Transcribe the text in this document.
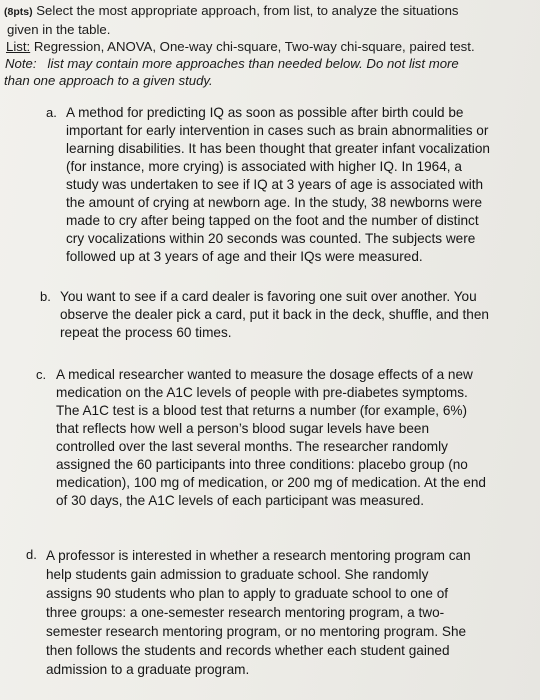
(8pts) Select the most appropriate approach, from list, to analyze the situations
given in the table.
List: Regression, ANOVA, One-way chi-square, Two-way chi-square, paired test.
Note: list may contain more approaches than needed below. Do not list more
than one approach to a given study.
a. A method for predicting IQ as soon as possible after birth could be
important for early intervention in cases such as brain abnormalities or
learning disabilities. It has been thought that greater infant vocalization
(for instance, more crying) is associated with higher IQ. In 1964, a
study was undertaken to see if IQ at 3 years of age is associated with
the amount of crying at newborn age. In the study, 38 newborns were
made to cry after being tapped on the foot and the number of distinct
cry vocalizations within 20 seconds was counted. The subjects were
followed up at 3 years of age and their IQs were measured.
b. You want to see if a card dealer is favoring one suit over another. You
observe the dealer pick a card, put it back in the deck, shuffle, and then
repeat the process 60 times.
c. A medical researcher wanted to measure the dosage effects of a new
medication on the A1C levels of people with pre-diabetes symptoms.
The A1C test is a blood test that returns a number (for example, 6%)
that reflects how well a person’s blood sugar levels have been
controlled over the last several months. The researcher randomly
assigned the 60 participants into three conditions: placebo group (no
medication), 100 mg of medication, or 200 mg of medication. At the end
of 30 days, the A1C levels of each participant was measured.
d. A professor is interested in whether a research mentoring program can
help students gain admission to graduate school. She randomly
assigns 90 students who plan to apply to graduate school to one of
three groups: a one-semester research mentoring program, a two-
semester research mentoring program, or no mentoring program. She
then follows the students and records whether each student gained
admission to a graduate program.
